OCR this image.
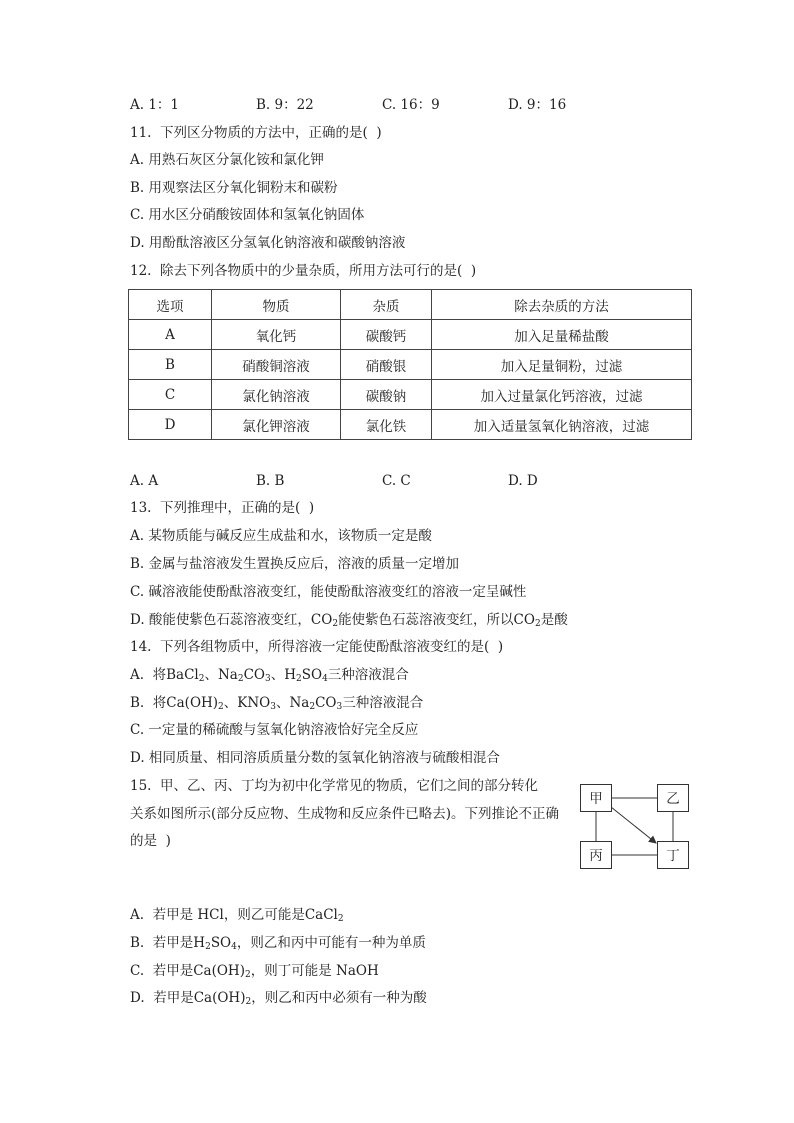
A. 1：1	B. 9：22	C. 16：9	D. 9：16
11.  下列区分物质的方法中，正确的是(  )
A. 用熟石灰区分氯化铵和氯化钾
B. 用观察法区分氧化铜粉末和碳粉
C. 用水区分硝酸铵固体和氢氧化钠固体
D. 用酚酞溶液区分氢氧化钠溶液和碳酸钠溶液
12.  除去下列各物质中的少量杂质，所用方法可行的是(  )
选项	物质	杂质	除去杂质的方法
A	氧化钙	碳酸钙	加入足量稀盐酸
B	硝酸铜溶液	硝酸银	加入足量铜粉，过滤
C	氯化钠溶液	碳酸钠	加入过量氯化钙溶液，过滤
D	氯化钾溶液	氯化铁	加入适量氢氧化钠溶液，过滤
A. A	B. B	C. C	D. D
13.  下列推理中，正确的是(  )
A. 某物质能与碱反应生成盐和水，该物质一定是酸
B. 金属与盐溶液发生置换反应后，溶液的质量一定增加
C. 碱溶液能使酚酞溶液变红，能使酚酞溶液变红的溶液一定呈碱性
D. 酸能使紫色石蕊溶液变红，$CO_2$能使紫色石蕊溶液变红，所以$CO_2$是酸
14.  下列各组物质中，所得溶液一定能使酚酞溶液变红的是(  )
A.  将BaCl$_2$、$Na_2CO_3$、$H_2SO_4$三种溶液混合
B.  将$Ca(OH)_2$、$KNO_3$、$Na_2CO_3$三种溶液混合
C. 一定量的稀硫酸与氢氧化钠溶液恰好完全反应
D. 相同质量、相同溶质质量分数的氢氧化钠溶液与硫酸相混合
15.  甲、乙、丙、丁均为初中化学常见的物质，它们之间的部分转化
关系如图所示(部分反应物、生成物和反应条件已略去)。下列推论不正确
的是  )
甲	乙
丙	丁
A.  若甲是 HCl，则乙可能是CaCl$_2$
B.  若甲是$H_2SO_4$，则乙和丙中可能有一种为单质
C.  若甲是$Ca(OH)_2$，则丁可能是 NaOH
D.  若甲是$Ca(OH)_2$，则乙和丙中必须有一种为酸
